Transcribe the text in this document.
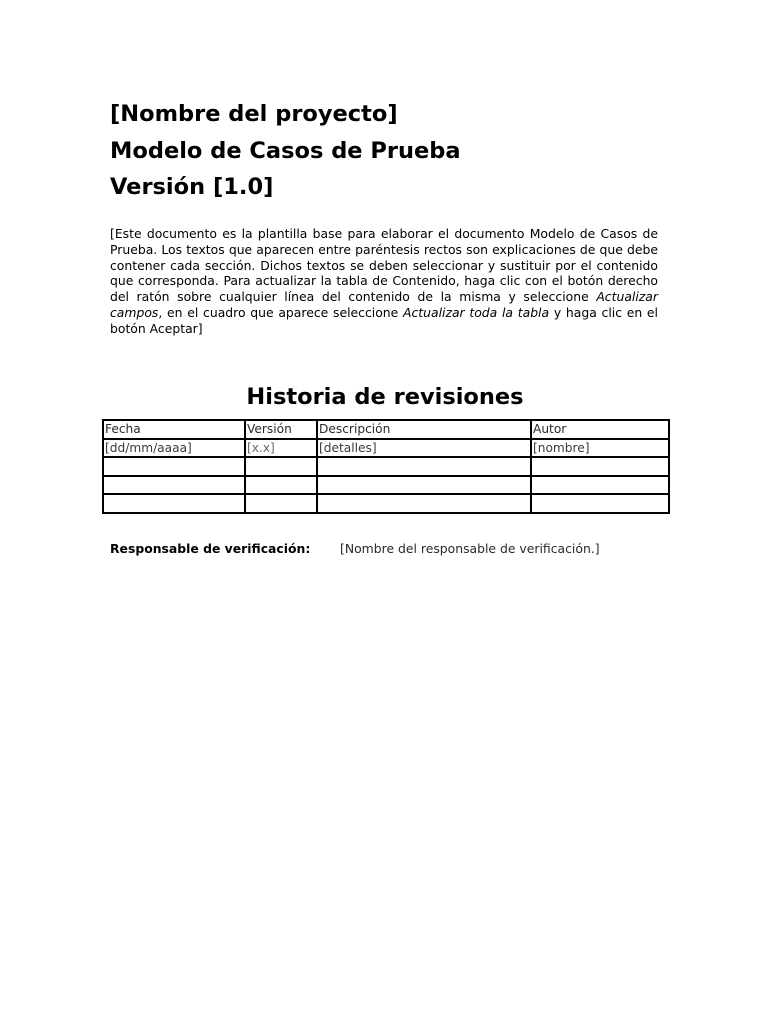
[Nombre del proyecto]

Modelo de Casos de Prueba

Versión [1.0]

[Este documento es la plantilla base para elaborar el documento Modelo de Casos de Prueba. Los textos que aparecen entre paréntesis rectos son explicaciones de que debe contener cada sección. Dichos textos se deben seleccionar y sustituir por el contenido que corresponda. Para actualizar la tabla de Contenido, haga clic con el botón derecho del ratón sobre cualquier línea del contenido de la misma y seleccione Actualizar campos, en el cuadro que aparece seleccione Actualizar toda la tabla y haga clic en el botón Aceptar]

Historia de revisiones
Fecha	Versión	Descripción	Autor
[dd/mm/aaaa]	[x.x]	[detalles]	[nombre]

Responsable de verificación: [Nombre del responsable de verificación.]
